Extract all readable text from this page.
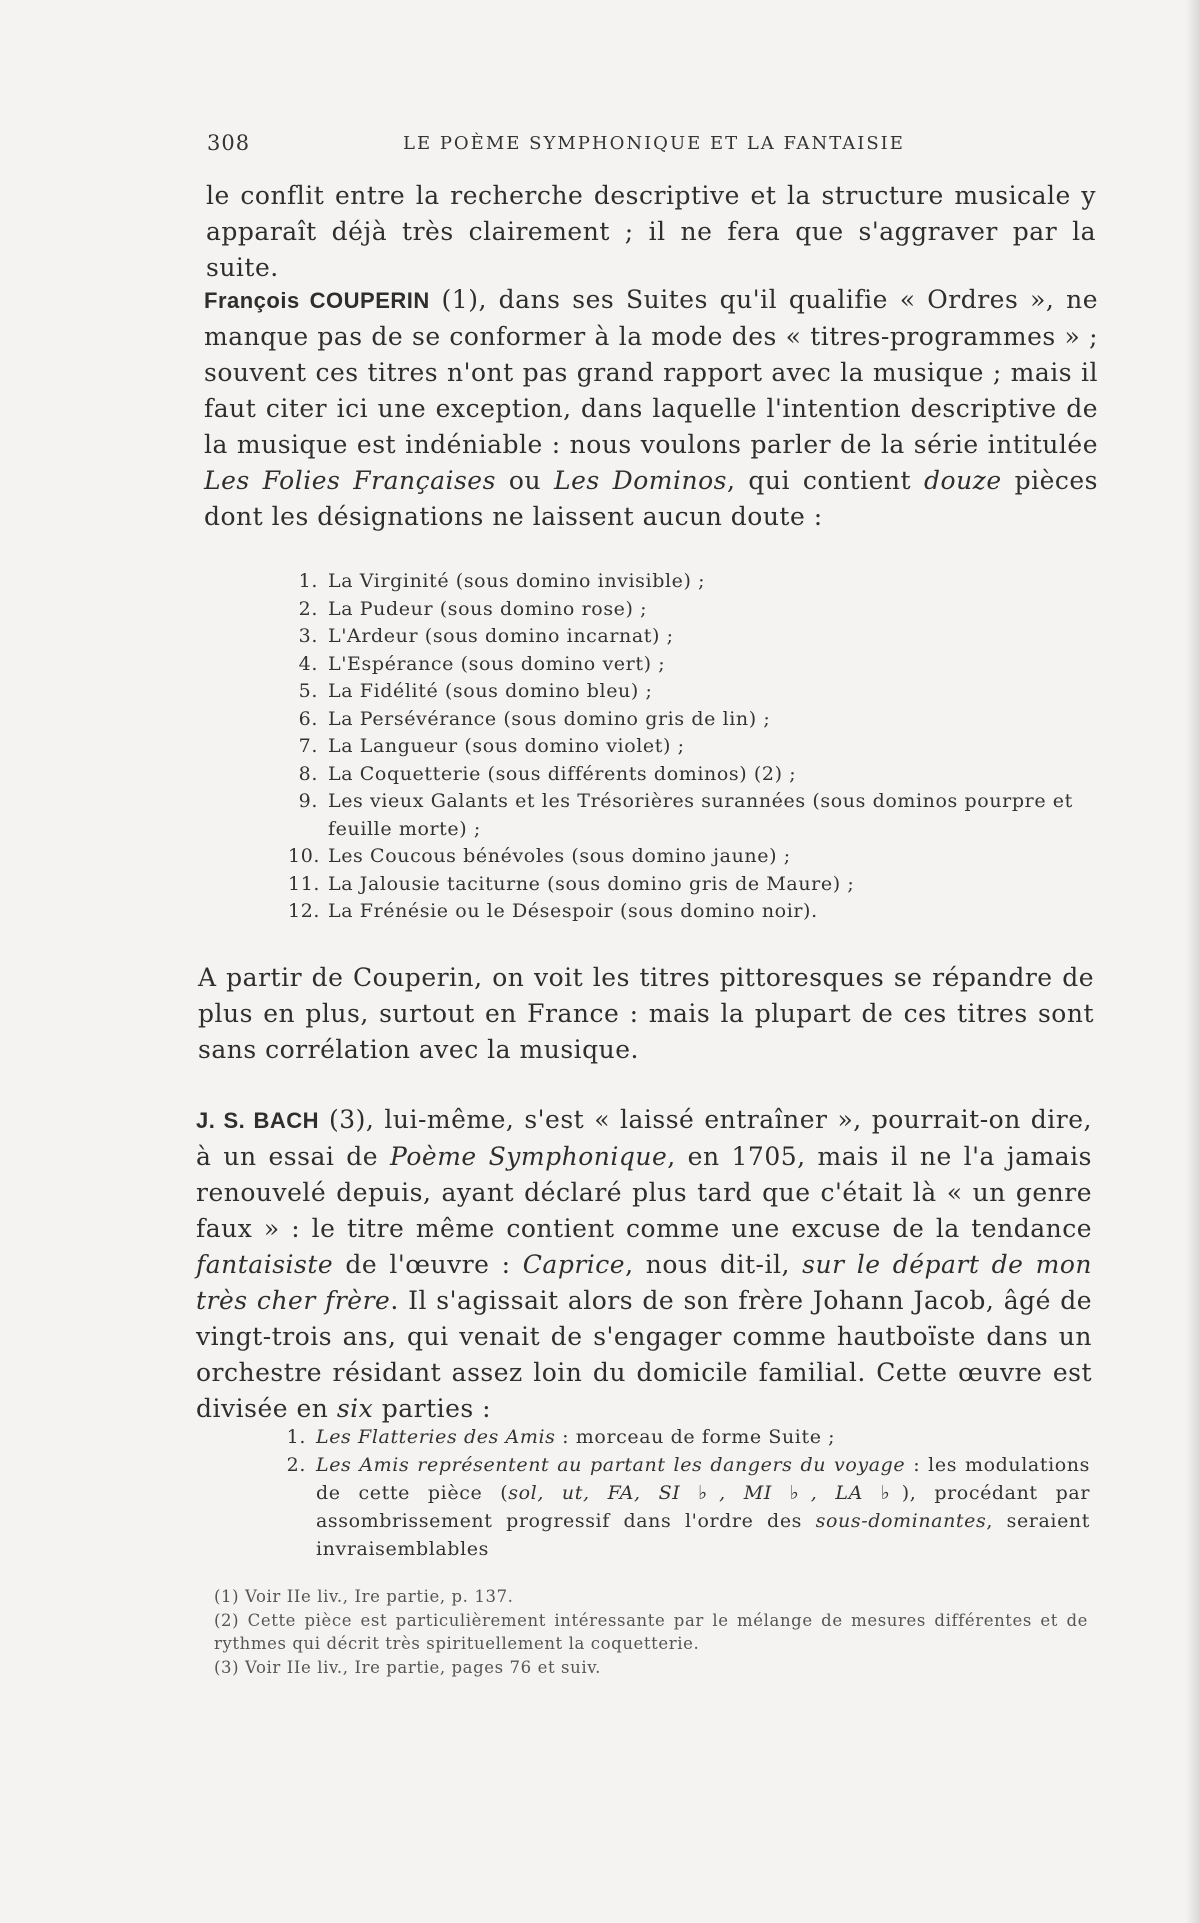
308	LE POÈME SYMPHONIQUE ET LA FANTAISIE
le conflit entre la recherche descriptive et la structure musicale y apparaît déjà très clairement ; il ne fera que s'aggraver par la suite.
François COUPERIN (1), dans ses Suites qu'il qualifie « Ordres », ne manque pas de se conformer à la mode des « titres-programmes » ; souvent ces titres n'ont pas grand rapport avec la musique ; mais il faut citer ici une exception, dans laquelle l'intention descriptive de la musique est indéniable : nous voulons parler de la série intitulée Les Folies Françaises ou Les Dominos, qui contient douze pièces dont les désignations ne laissent aucun doute :
1. La Virginité (sous domino invisible) ;
2. La Pudeur (sous domino rose) ;
3. L'Ardeur (sous domino incarnat) ;
4. L'Espérance (sous domino vert) ;
5. La Fidélité (sous domino bleu) ;
6. La Persévérance (sous domino gris de lin) ;
7. La Langueur (sous domino violet) ;
8. La Coquetterie (sous différents dominos) (2) ;
9. Les vieux Galants et les Trésorières surannées (sous dominos pourpre et feuille morte) ;
10. Les Coucous bénévoles (sous domino jaune) ;
11. La Jalousie taciturne (sous domino gris de Maure) ;
12. La Frénésie ou le Désespoir (sous domino noir).
A partir de Couperin, on voit les titres pittoresques se répandre de plus en plus, surtout en France : mais la plupart de ces titres sont sans corrélation avec la musique.
J. S. BACH (3), lui-même, s'est « laissé entraîner », pourrait-on dire, à un essai de Poème Symphonique, en 1705, mais il ne l'a jamais renouvelé depuis, ayant déclaré plus tard que c'était là « un genre faux » : le titre même contient comme une excuse de la tendance fantaisiste de l'œuvre : Caprice, nous dit-il, sur le départ de mon très cher frère. Il s'agissait alors de son frère Johann Jacob, âgé de vingt-trois ans, qui venait de s'engager comme hautboïste dans un orchestre résidant assez loin du domicile familial. Cette œuvre est divisée en six parties :
1. Les Flatteries des Amis : morceau de forme Suite ;
2. Les Amis représentent au partant les dangers du voyage : les modulations de cette pièce (sol, ut, FA, SI ♭, MI ♭, LA ♭), procédant par assombrissement progressif dans l'ordre des sous-dominantes, seraient invraisemblables
(1) Voir IIe liv., Ire partie, p. 137.
(2) Cette pièce est particulièrement intéressante par le mélange de mesures différentes et de rythmes qui décrit très spirituellement la coquetterie.
(3) Voir IIe liv., Ire partie, pages 76 et suiv.
